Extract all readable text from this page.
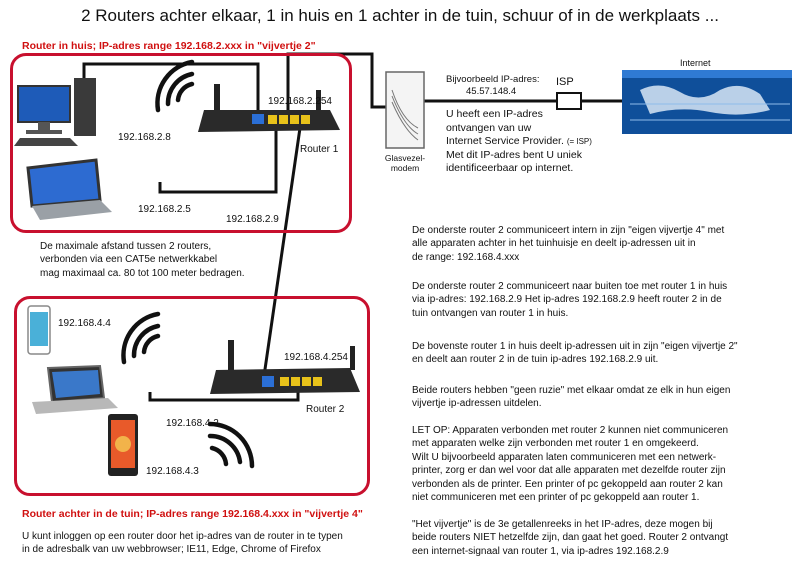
2 Routers achter elkaar, 1 in huis en 1 achter in de tuin, schuur of in de werkplaats ...
Router in huis; IP-adres range 192.168.2.xxx in "vijvertje 2"
Router achter in de tuin; IP-adres range 192.168.4.xxx in "vijvertje 4"
192.168.2.254
Router 1
192.168.2.8
192.168.2.5
192.168.2.9
De maximale afstand tussen 2 routers,
verbonden via een CAT5e netwerkkabel
mag maximaal ca. 80 tot 100 meter bedragen.
192.168.4.4
192.168.4.254
Router 2
192.168.4.2
192.168.4.3
Glasvezel-
modem
Bijvoorbeeld IP-adres:
45.57.148.4
ISP
Internet
U heeft een IP-adres
ontvangen van uw
Internet Service Provider. (= ISP)
Met dit IP-adres bent U uniek
identificeerbaar op internet.
De onderste router 2 communiceert intern in zijn "eigen vijvertje 4" met
alle apparaten achter in het tuinhuisje en deelt ip-adressen uit in
de range: 192.168.4.xxx
De onderste router 2 communiceert naar buiten toe met router 1 in huis
via ip-adres: 192.168.2.9 Het ip-adres 192.168.2.9 heeft router 2 in de
tuin ontvangen van router 1 in huis.
De bovenste router 1 in huis deelt ip-adressen uit in zijn "eigen vijvertje 2"
en deelt aan router 2 in de tuin ip-adres 192.168.2.9 uit.
Beide routers hebben "geen ruzie" met elkaar omdat ze elk in hun eigen
vijvertje ip-adressen uitdelen.
LET OP: Apparaten verbonden met router 2 kunnen niet communiceren
met apparaten welke zijn verbonden met router 1 en omgekeerd.
Wilt U bijvoorbeeld apparaten laten communiceren met een netwerk-
printer, zorg er dan wel voor dat alle apparaten met dezelfde router zijn
verbonden als de printer. Een printer of pc gekoppeld aan router 2 kan
niet communiceren met een printer of pc gekoppeld aan router 1.
"Het vijvertje" is de 3e getallenreeks in het IP-adres, deze mogen bij
beide routers NIET hetzelfde zijn, dan gaat het goed. Router 2 ontvangt
een internet-signaal van router 1, via ip-adres 192.168.2.9
U kunt inloggen op een router door het ip-adres van de router in te typen
in de adresbalk van uw webbrowser; IE11, Edge, Chrome of Firefox
